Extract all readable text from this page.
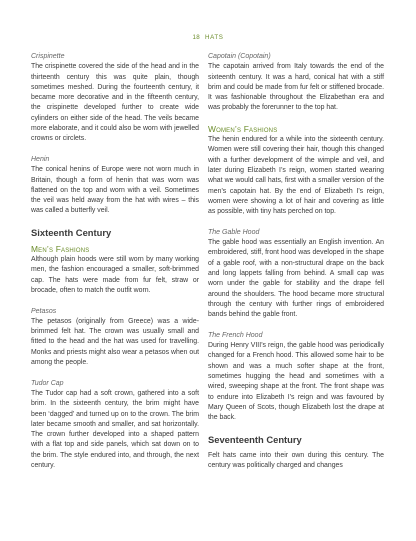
18 HATS
Crispinette

The crispinette covered the side of the head and in the thirteenth century this was quite plain, though sometimes meshed. During the fourteenth century, it became more decorative and in the fifteenth century, the crispinette developed further to create wide cylinders on either side of the head. The veils became more elaborate, and it could also be worn with jewelled crowns or circlets.

Henin

The conical henins of Europe were not worn much in Britain, though a form of henin that was worn was flattened on the top and worn with a veil. Sometimes the veil was held away from the hat with wires – this was called a butterfly veil.

Sixteenth Century
Men’s Fashions

Although plain hoods were still worn by many working men, the fashion encouraged a smaller, soft-brimmed cap. The hats were made from fur felt, straw or brocade, often to match the outfit worn.

Petasos

The petasos (originally from Greece) was a wide-brimmed felt hat. The crown was usually small and fitted to the head and the hat was used for travelling. Monks and priests might also wear a petasos when out among the people.

Tudor Cap

The Tudor cap had a soft crown, gathered into a soft brim. In the sixteenth century, the brim might have been ‘dagged’ and turned up on to the crown. The brim later became smooth and smaller, and sat horizontally. The crown further developed into a shaped pattern with a flat top and side panels, which sat down on to the brim. The style endured into, and through, the next century.

Capotain (Copotain)

The capotain arrived from Italy towards the end of the sixteenth century. It was a hard, conical hat with a stiff brim and could be made from fur felt or stiffened brocade. It was fashionable throughout the Elizabethan era and was probably the forerunner to the top hat.

Women’s Fashions

The henin endured for a while into the sixteenth century. Women were still covering their hair, though this changed with a further development of the wimple and veil, and later during Elizabeth I’s reign, women started wearing what we would call hats, first with a smaller version of the men’s capotain hat. By the end of Elizabeth I’s reign, women were showing a lot of hair and covering as little as possible, with tiny hats perched on top.

The Gable Hood

The gable hood was essentially an English invention. An embroidered, stiff, front hood was developed in the shape of a gable roof, with a non-structural drape on the back and long lappets falling from behind. A small cap was worn under the gable for stability and the drape fell around the shoulders. The hood became more structural through the century with further rings of embroidered bands behind the gable front.

The French Hood

During Henry VIII’s reign, the gable hood was periodically changed for a French hood. This allowed some hair to be shown and was a much softer shape at the front, sometimes hugging the head and sometimes with a wired, sweeping shape at the front. The front shape was to endure into Elizabeth I’s reign and was favoured by Mary Queen of Scots, though Elizabeth lost the drape at the back.

Seventeenth Century

Felt hats came into their own during this century. The century was politically charged and changes
